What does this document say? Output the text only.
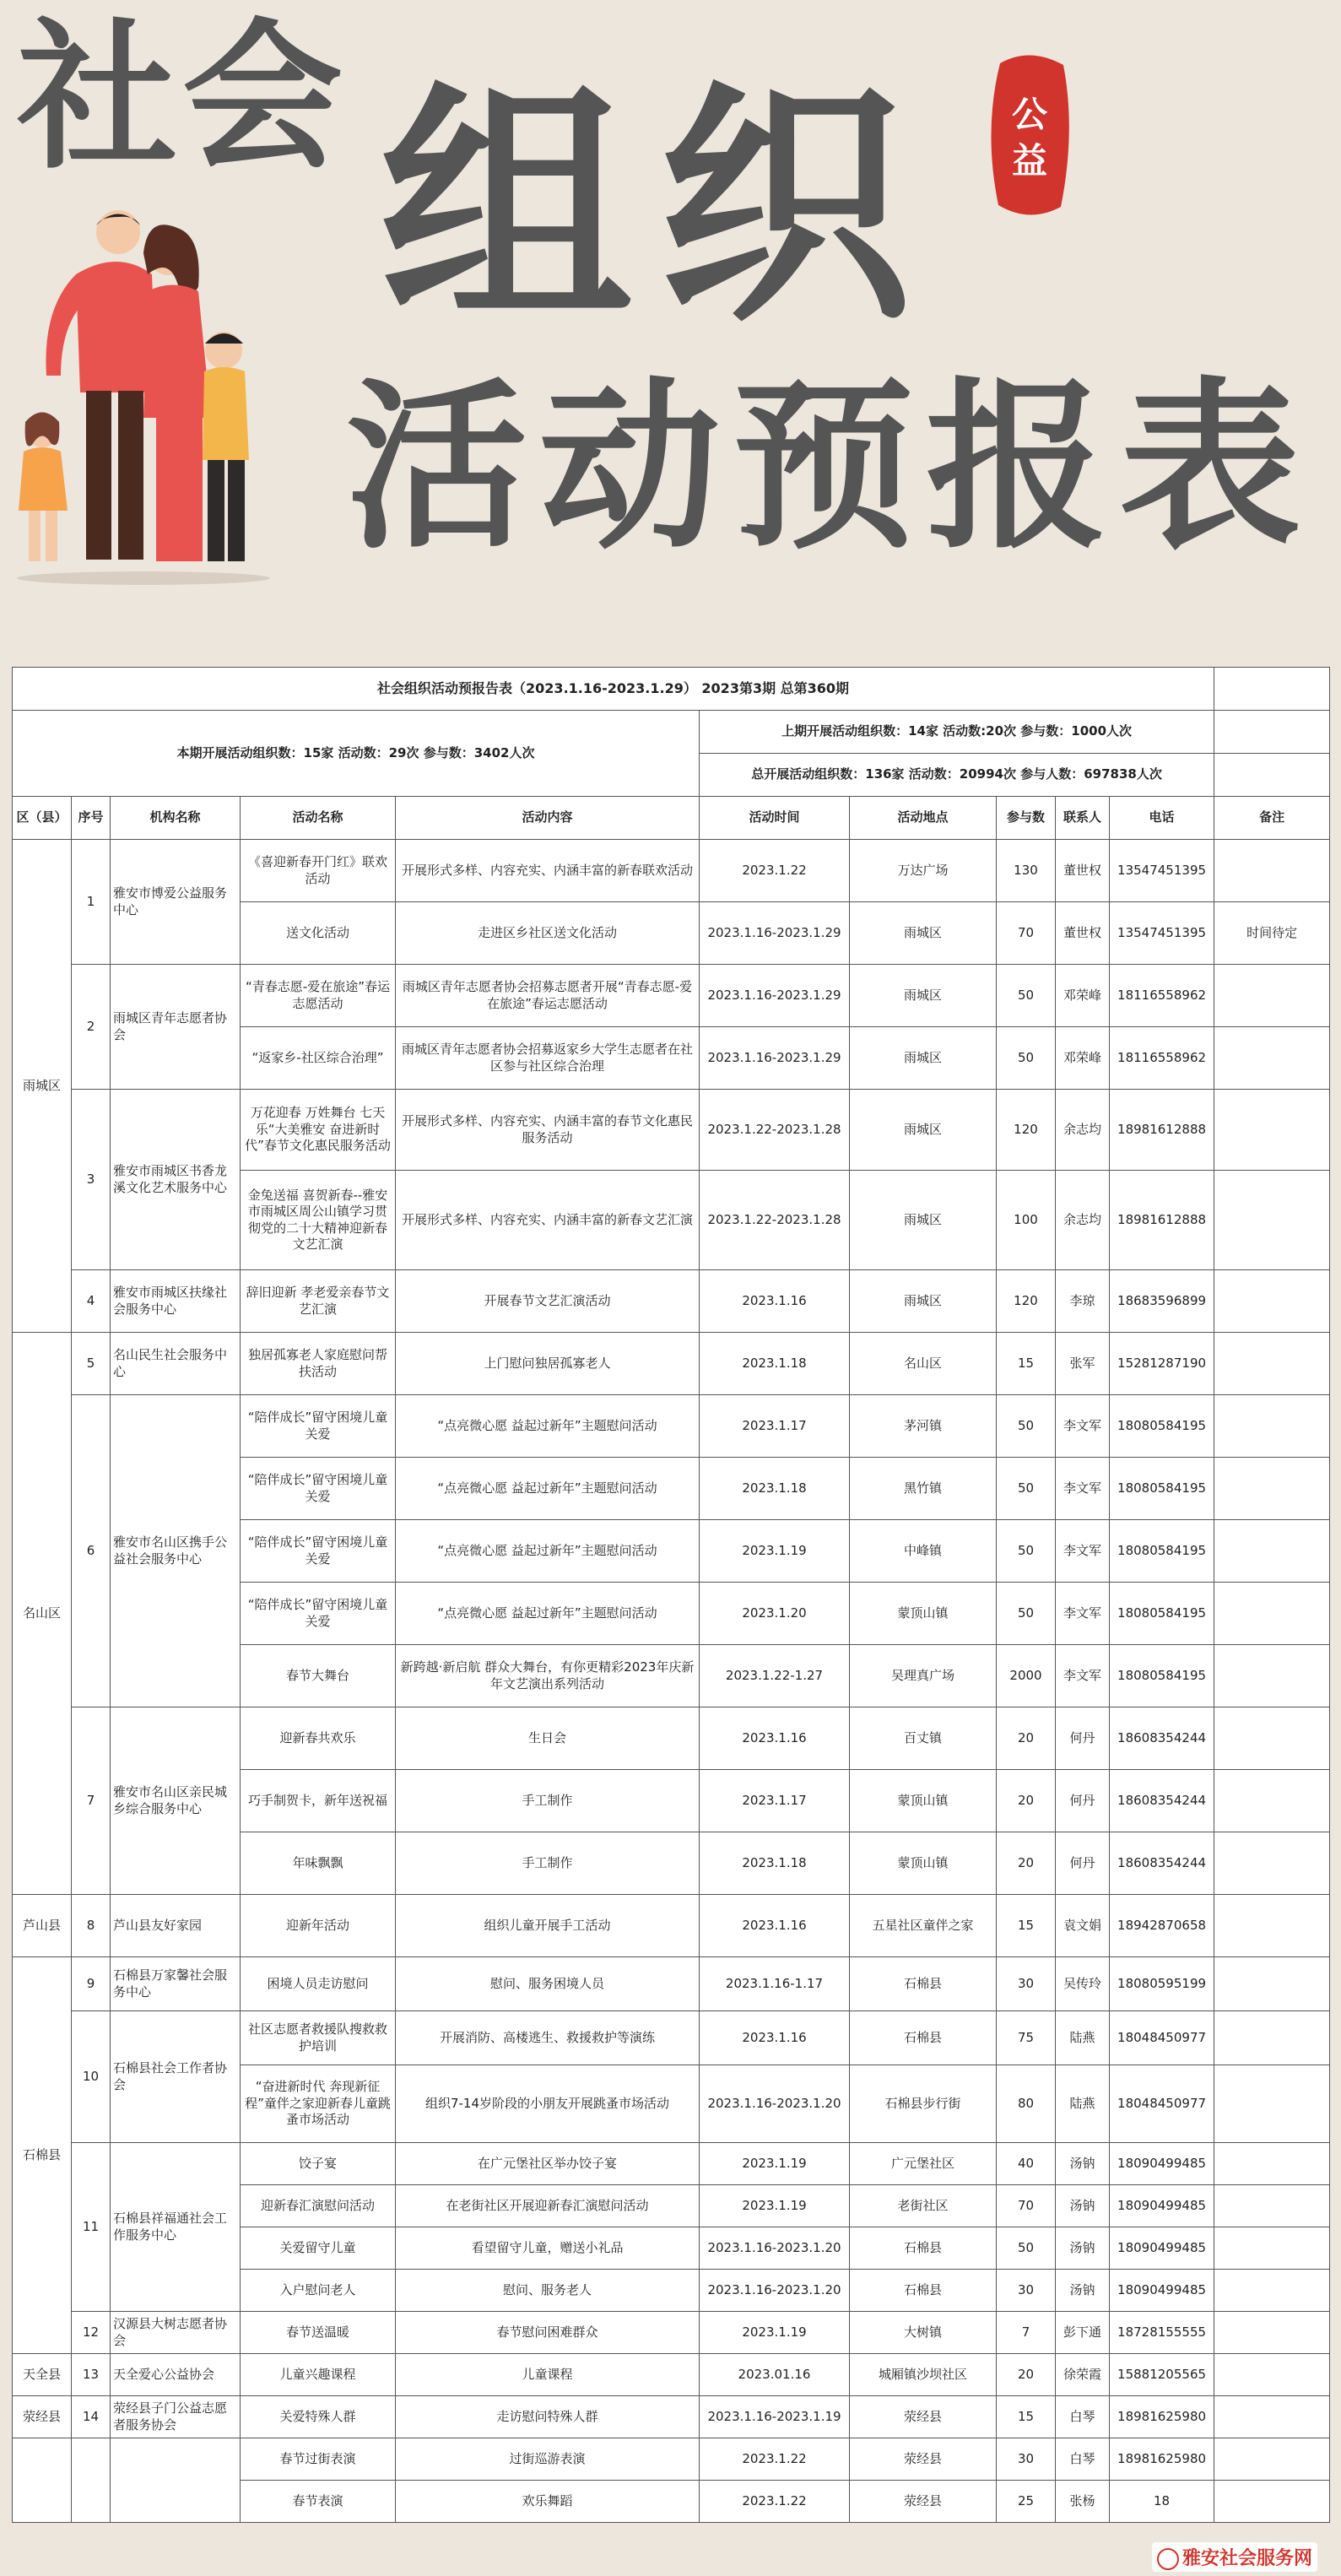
社会 组织
活动预报表
公
益
社会组织活动预报告表（2023.1.16-2023.1.29） 2023第3期 总第360期										
本期开展活动组织数：15家 活动数：29次 参与数：3402人次					上期开展活动组织数：14家 活动数:20次 参与数：1000人次					
					总开展活动组织数：136家 活动数：20994次 参与人数：697838人次					
区（县）	序号	机构名称	活动名称	活动内容	活动时间	活动地点	参与数	联系人	电话	备注
雨城区	1	雅安市博爱公益服务中心	《喜迎新春开门红》联欢活动	开展形式多样、内容充实、内涵丰富的新春联欢活动	2023.1.22	万达广场	130	董世权	13547451395	
			送文化活动	走进区乡社区送文化活动	2023.1.16-2023.1.29	雨城区	70	董世权	13547451395	时间待定
	2	雨城区青年志愿者协会	“青春志愿-爱在旅途”春运志愿活动	雨城区青年志愿者协会招募志愿者开展“青春志愿-爱在旅途”春运志愿活动	2023.1.16-2023.1.29	雨城区	50	邓荣峰	18116558962	
			“返家乡-社区综合治理”	雨城区青年志愿者协会招募返家乡大学生志愿者在社区参与社区综合治理	2023.1.16-2023.1.29	雨城区	50	邓荣峰	18116558962	
	3	雅安市雨城区书香龙溪文化艺术服务中心	万花迎春 万姓舞台 七天乐“大美雅安 奋进新时代”春节文化惠民服务活动	开展形式多样、内容充实、内涵丰富的春节文化惠民服务活动	2023.1.22-2023.1.28	雨城区	120	余志均	18981612888	
			金兔送福 喜贺新春--雅安市雨城区周公山镇学习贯彻党的二十大精神迎新春文艺汇演	开展形式多样、内容充实、内涵丰富的新春文艺汇演	2023.1.22-2023.1.28	雨城区	100	余志均	18981612888	
	4	雅安市雨城区扶缘社会服务中心	辞旧迎新 孝老爱亲春节文艺汇演	开展春节文艺汇演活动	2023.1.16	雨城区	120	李琼	18683596899	
名山区	5	名山民生社会服务中心	独居孤寡老人家庭慰问帮扶活动	上门慰问独居孤寡老人	2023.1.18	名山区	15	张军	15281287190	
	6	雅安市名山区携手公益社会服务中心	“陪伴成长”留守困境儿童关爱	“点亮微心愿 益起过新年”主题慰问活动	2023.1.17	茅河镇	50	李文军	18080584195	
			“陪伴成长”留守困境儿童关爱	“点亮微心愿 益起过新年”主题慰问活动	2023.1.18	黑竹镇	50	李文军	18080584195	
			“陪伴成长”留守困境儿童关爱	“点亮微心愿 益起过新年”主题慰问活动	2023.1.19	中峰镇	50	李文军	18080584195	
			“陪伴成长”留守困境儿童关爱	“点亮微心愿 益起过新年”主题慰问活动	2023.1.20	蒙顶山镇	50	李文军	18080584195	
			春节大舞台	新跨越·新启航 群众大舞台，有你更精彩2023年庆新年文艺演出系列活动	2023.1.22-1.27	吴理真广场	2000	李文军	18080584195	
	7	雅安市名山区亲民城乡综合服务中心	迎新春共欢乐	生日会	2023.1.16	百丈镇	20	何丹	18608354244	
			巧手制贺卡，新年送祝福	手工制作	2023.1.17	蒙顶山镇	20	何丹	18608354244	
			年味飘飘	手工制作	2023.1.18	蒙顶山镇	20	何丹	18608354244	
芦山县	8	芦山县友好家园	迎新年活动	组织儿童开展手工活动	2023.1.16	五星社区童伴之家	15	袁文娟	18942870658	
石棉县	9	石棉县万家馨社会服务中心	困境人员走访慰问	慰问、服务困境人员	2023.1.16-1.17	石棉县	30	吴传玲	18080595199	
	10	石棉县社会工作者协会	社区志愿者救援队搜救救护培训	开展消防、高楼逃生、救援救护等演练	2023.1.16	石棉县	75	陆燕	18048450977	
			“奋进新时代 奔现新征程”童伴之家迎新春儿童跳蚤市场活动	组织7-14岁阶段的小朋友开展跳蚤市场活动	2023.1.16-2023.1.20	石棉县步行街	80	陆燕	18048450977	
	11	石棉县祥福通社会工作服务中心	饺子宴	在广元堡社区举办饺子宴	2023.1.19	广元堡社区	40	汤钠	18090499485	
			迎新春汇演慰问活动	在老街社区开展迎新春汇演慰问活动	2023.1.19	老街社区	70	汤钠	18090499485	
			关爱留守儿童	看望留守儿童，赠送小礼品	2023.1.16-2023.1.20	石棉县	50	汤钠	18090499485	
			入户慰问老人	慰问、服务老人	2023.1.16-2023.1.20	石棉县	30	汤钠	18090499485	
	12	汉源县大树志愿者协会	春节送温暖	春节慰问困难群众	2023.1.19	大树镇	7	彭下通	18728155555	
天全县	13	天全爱心公益协会	儿童兴趣课程	儿童课程	2023.01.16	城厢镇沙坝社区	20	徐荣霞	15881205565	
荥经县	14	荥经县子门公益志愿者服务协会	关爱特殊人群	走访慰问特殊人群	2023.1.16-2023.1.19	荥经县	15	白琴	18981625980	
			春节过街表演	过街巡游表演	2023.1.22	荥经县	30	白琴	18981625980	
			春节表演	欢乐舞蹈	2023.1.22	荥经县	25	张杨	18	
雅安社会服务网
